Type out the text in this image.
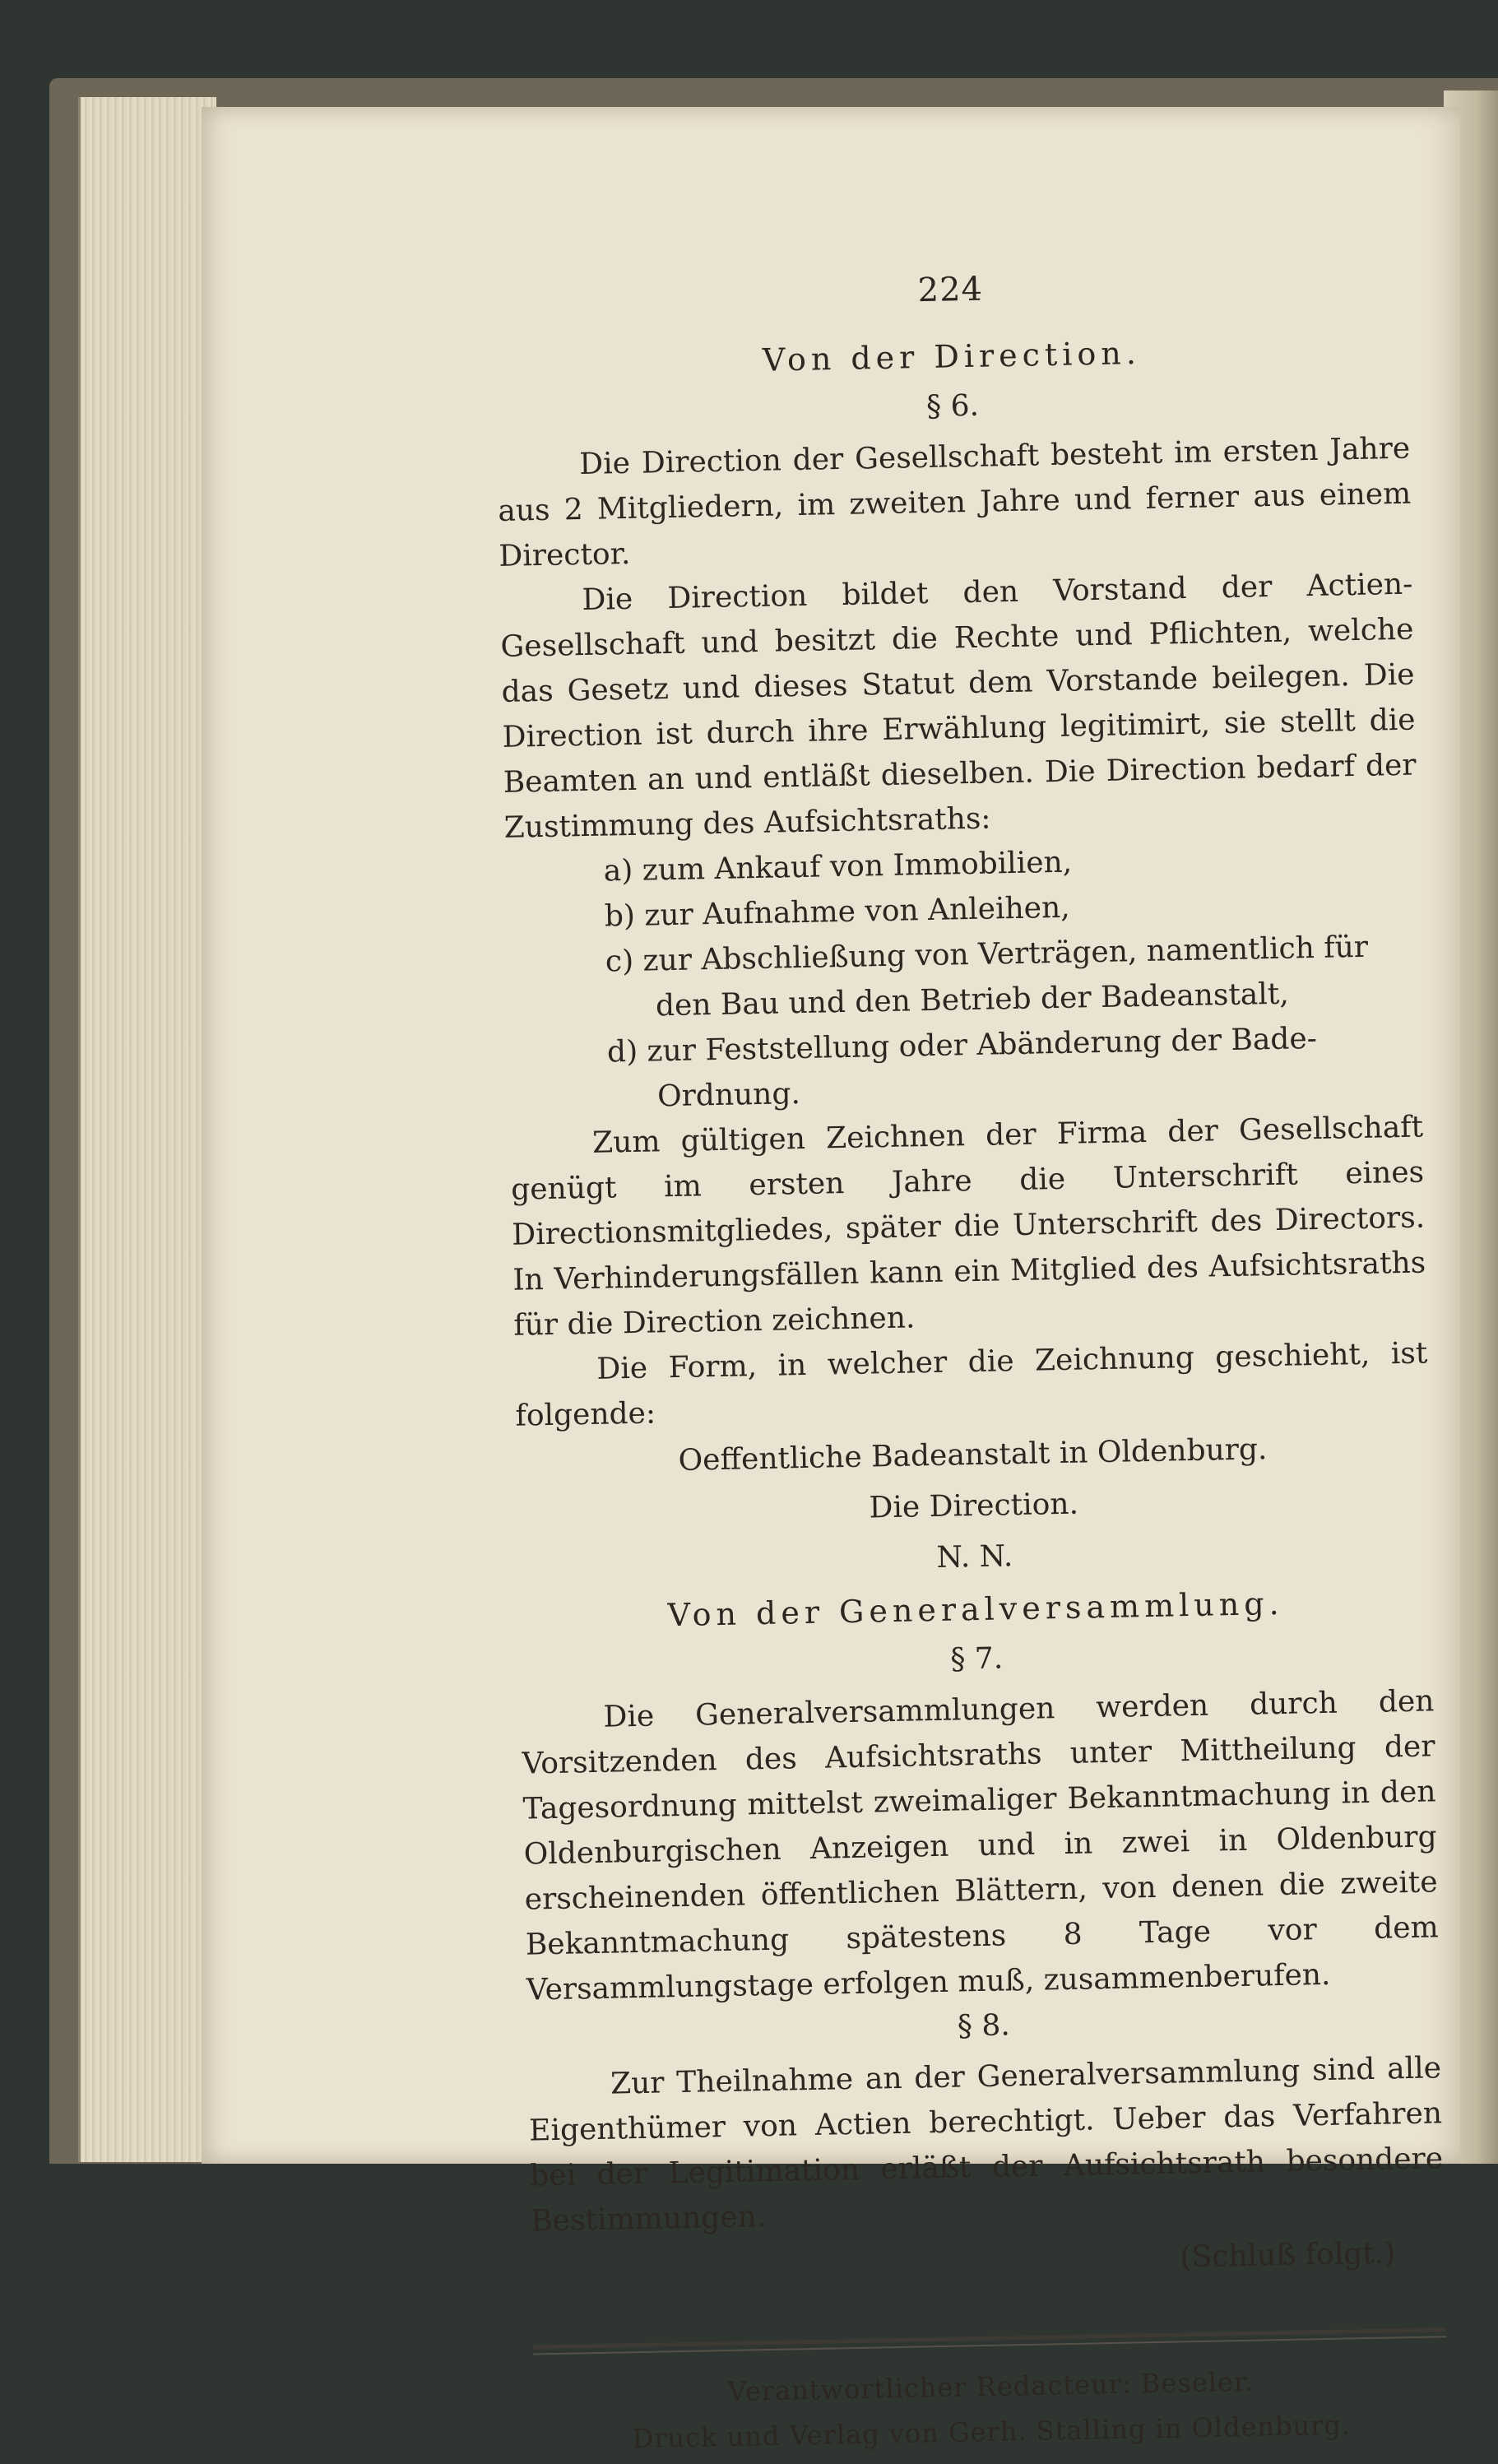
224
Von der Direction.
§ 6.

Die Direction der Gesellschaft besteht im ersten Jahre aus 2 Mitgliedern, im zweiten Jahre und ferner aus einem Director.

Die Direction bildet den Vorstand der Actien-Gesellschaft und besitzt die Rechte und Pflichten, welche das Gesetz und dieses Statut dem Vorstande beilegen. Die Direction ist durch ihre Erwählung legitimirt, sie stellt die Beamten an und entläßt dieselben. Die Direction bedarf der Zustimmung des Aufsichtsraths:

a) zum Ankauf von Immobilien,
b) zur Aufnahme von Anleihen,
c) zur Abschließung von Verträgen, namentlich für den Bau und den Betrieb der Badeanstalt,
d) zur Feststellung oder Abänderung der Bade-Ordnung.

Zum gültigen Zeichnen der Firma der Gesellschaft genügt im ersten Jahre die Unterschrift eines Directionsmitgliedes, später die Unterschrift des Directors. In Verhinderungsfällen kann ein Mitglied des Aufsichtsraths für die Direction zeichnen.

Die Form, in welcher die Zeichnung geschieht, ist folgende:

Oeffentliche Badeanstalt in Oldenburg.
Die Direction.
N. N.
Von der Generalversammlung.
§ 7.

Die Generalversammlungen werden durch den Vorsitzenden des Aufsichtsraths unter Mittheilung der Tagesordnung mittelst zweimaliger Bekanntmachung in den Oldenburgischen Anzeigen und in zwei in Oldenburg erscheinenden öffentlichen Blättern, von denen die zweite Bekanntmachung spätestens 8 Tage vor dem Versammlungstage erfolgen muß, zusammenberufen.

§ 8.

Zur Theilnahme an der Generalversammlung sind alle Eigenthümer von Actien berechtigt. Ueber das Verfahren bei der Legitimation erläßt der Aufsichtsrath besondere Bestimmungen.

(Schluß folgt.)
Verantwortlicher Redacteur: Beseler.
Druck und Verlag von Gerh. Stalling in Oldenburg.
